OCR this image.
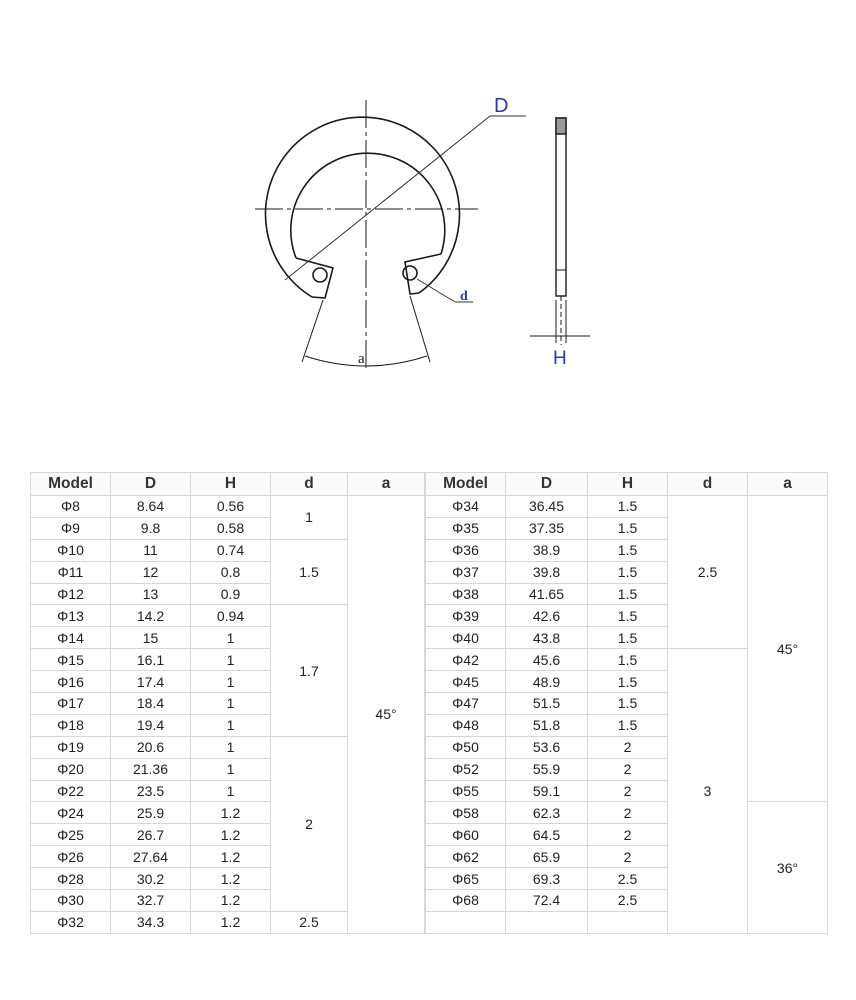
D
d
a	H
Model	D	H	d	a
Φ8	8.64	0.56	1	45°
Φ9	9.8	0.58		
Φ10	11	0.74	1.5	
Φ11	12	0.8		
Φ12	13	0.9		
Φ13	14.2	0.94	1.7	
Φ14	15	1		
Φ15	16.1	1		
Φ16	17.4	1		
Φ17	18.4	1		
Φ18	19.4	1		
Φ19	20.6	1	2	
Φ20	21.36	1		
Φ22	23.5	1		
Φ24	25.9	1.2		
Φ25	26.7	1.2		
Φ26	27.64	1.2		
Φ28	30.2	1.2		
Φ30	32.7	1.2		
Φ32	34.3	1.2	2.5	
Model	D	H	d	a
Φ34	36.45	1.5	2.5	45°
Φ35	37.35	1.5		
Φ36	38.9	1.5		
Φ37	39.8	1.5		
Φ38	41.65	1.5		
Φ39	42.6	1.5		
Φ40	43.8	1.5		
Φ42	45.6	1.5	3	
Φ45	48.9	1.5		
Φ47	51.5	1.5		
Φ48	51.8	1.5		
Φ50	53.6	2		
Φ52	55.9	2		
Φ55	59.1	2		
Φ58	62.3	2		36°
Φ60	64.5	2		
Φ62	65.9	2		
Φ65	69.3	2.5		
Φ68	72.4	2.5		
